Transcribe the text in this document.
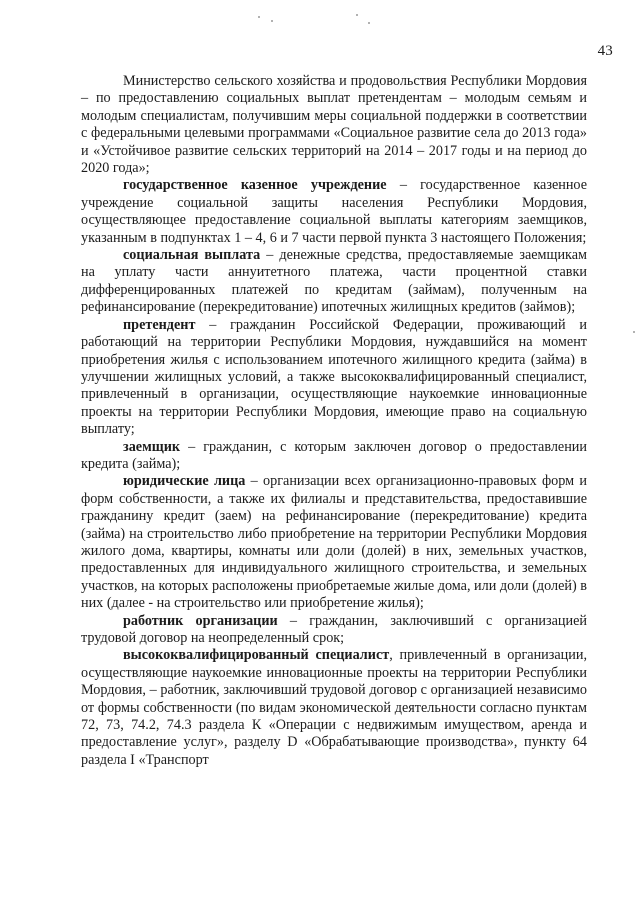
43

Министерство сельского хозяйства и продовольствия Республики Мордовия – по предоставлению социальных выплат претендентам – молодым семьям и молодым специалистам, получившим меры социальной поддержки в соответствии с федеральными целевыми программами «Социальное развитие села до 2013 года» и «Устойчивое развитие сельских территорий на 2014 – 2017 годы и на период до 2020 года»;

государственное казенное учреждение – государственное казенное учреждение социальной защиты населения Республики Мордовия, осуществляющее предоставление социальной выплаты категориям заемщиков, указанным в подпунктах 1 – 4, 6 и 7 части первой пункта 3 настоящего Положения;

социальная выплата – денежные средства, предоставляемые заемщикам на уплату части аннуитетного платежа, части процентной ставки дифференцированных платежей по кредитам (займам), полученным на рефинансирование (перекредитование) ипотечных жилищных кредитов (займов);

претендент – гражданин Российской Федерации, проживающий и работающий на территории Республики Мордовия, нуждавшийся на момент приобретения жилья с использованием ипотечного жилищного кредита (займа) в улучшении жилищных условий, а также высококвалифицированный специалист, привлеченный в организации, осуществляющие наукоемкие инновационные проекты на территории Республики Мордовия, имеющие право на социальную выплату;

заемщик – гражданин, с которым заключен договор о предоставлении кредита (займа);

юридические лица – организации всех организационно-правовых форм и форм собственности, а также их филиалы и представительства, предоставившие гражданину кредит (заем) на рефинансирование (перекредитование) кредита (займа) на строительство либо приобретение на территории Республики Мордовия жилого дома, квартиры, комнаты или доли (долей) в них, земельных участков, предоставленных для индивидуального жилищного строительства, и земельных участков, на которых расположены приобретаемые жилые дома, или доли (долей) в них (далее - на строительство или приобретение жилья);

работник организации – гражданин, заключивший с организацией трудовой договор на неопределенный срок;

высококвалифицированный специалист, привлеченный в организации, осуществляющие наукоемкие инновационные проекты на территории Республики Мордовия, – работник, заключивший трудовой договор с организацией независимо от формы собственности (по видам экономической деятельности согласно пунктам 72, 73, 74.2, 74.3 раздела К «Операции с недвижимым имуществом, аренда и предоставление услуг», разделу D «Обрабатывающие производства», пункту 64 раздела I «Транспорт
